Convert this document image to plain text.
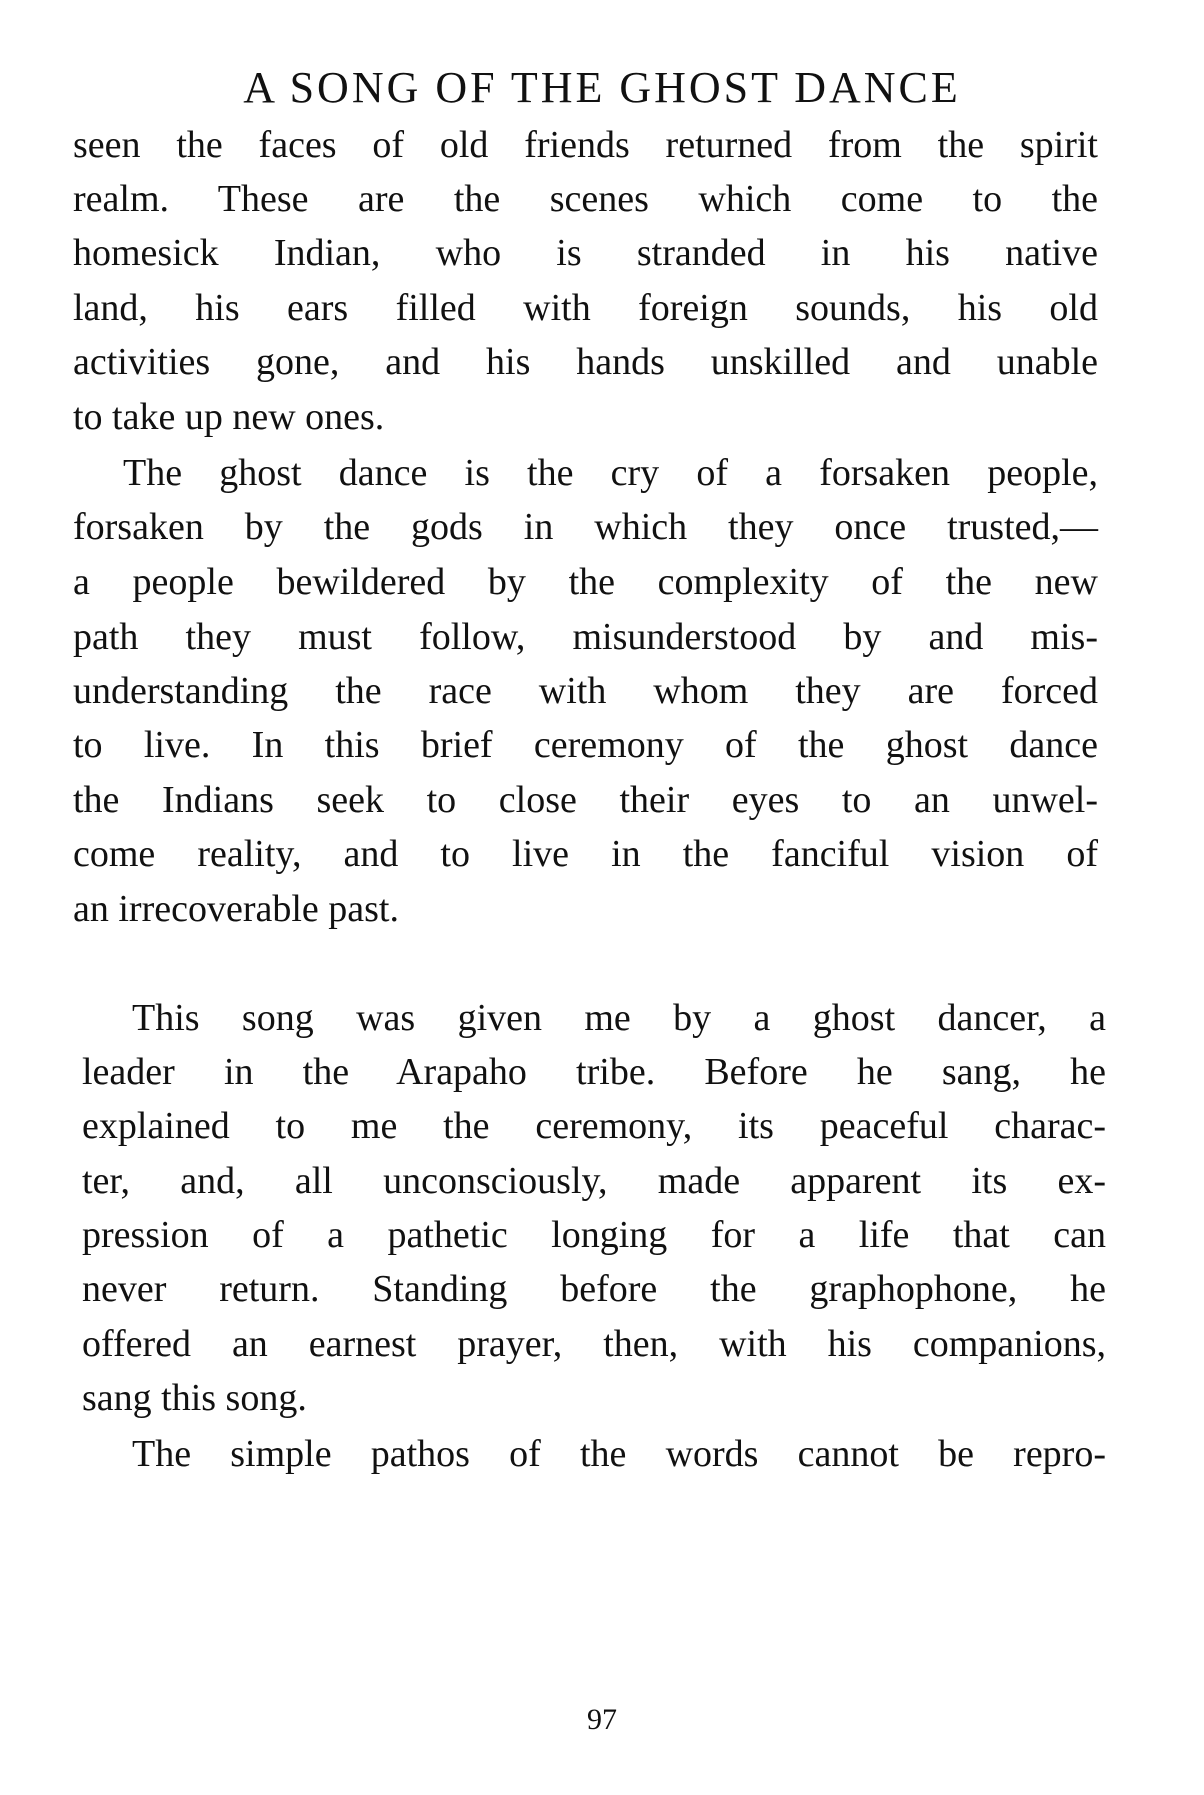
A SONG OF THE GHOST DANCE
seen the faces of old friends returned from the spirit
realm. These are the scenes which come to the
homesick Indian, who is stranded in his native
land, his ears filled with foreign sounds, his old
activities gone, and his hands unskilled and unable
to take up new ones.
The ghost dance is the cry of a forsaken people,
forsaken by the gods in which they once trusted,—
a people bewildered by the complexity of the new
path they must follow, misunderstood by and mis-
understanding the race with whom they are forced
to live. In this brief ceremony of the ghost dance
the Indians seek to close their eyes to an unwel-
come reality, and to live in the fanciful vision of
an irrecoverable past.
This song was given me by a ghost dancer, a
leader in the Arapaho tribe. Before he sang, he
explained to me the ceremony, its peaceful charac-
ter, and, all unconsciously, made apparent its ex-
pression of a pathetic longing for a life that can
never return. Standing before the graphophone, he
offered an earnest prayer, then, with his companions,
sang this song.
The simple pathos of the words cannot be repro-
97
